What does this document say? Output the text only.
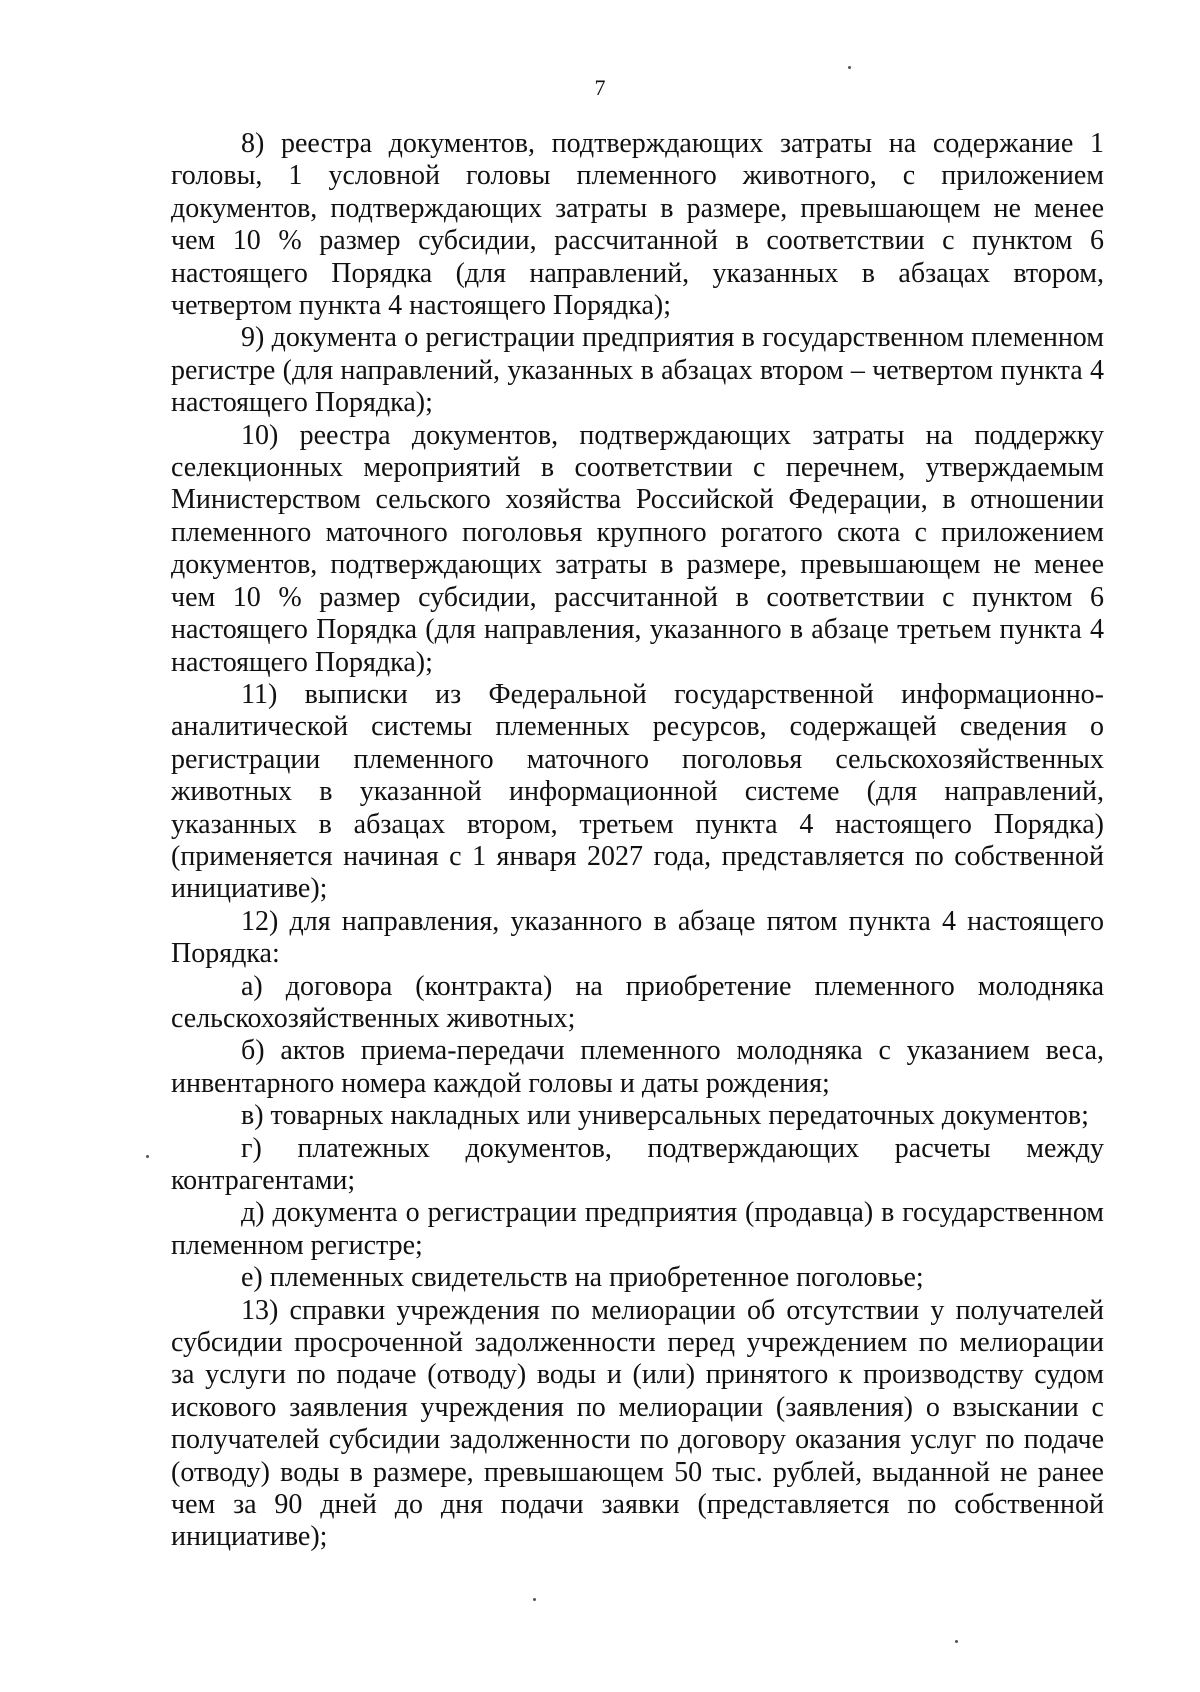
7

8) реестра документов, подтверждающих затраты на содержание 1 головы, 1 условной головы племенного животного, с приложением документов, подтверждающих затраты в размере, превышающем не менее чем 10 % размер субсидии, рассчитанной в соответствии с пунктом 6 настоящего Порядка (для направлений, указанных в абзацах втором, четвертом пункта 4 настоящего Порядка);

9) документа о регистрации предприятия в государственном племенном регистре (для направлений, указанных в абзацах втором – четвертом пункта 4 настоящего Порядка);

10) реестра документов, подтверждающих затраты на поддержку селекционных мероприятий в соответствии с перечнем, утверждаемым Министерством сельского хозяйства Российской Федерации, в отношении племенного маточного поголовья крупного рогатого скота с приложением документов, подтверждающих затраты в размере, превышающем не менее чем 10 % размер субсидии, рассчитанной в соответствии с пунктом 6 настоящего Порядка (для направления, указанного в абзаце третьем пункта 4 настоящего Порядка);

11) выписки из Федеральной государственной информационно-аналитической системы племенных ресурсов, содержащей сведения о регистрации племенного маточного поголовья сельскохозяйственных животных в указанной информационной системе (для направлений, указанных в абзацах втором, третьем пункта 4 настоящего Порядка) (применяется начиная с 1 января 2027 года, представляется по собственной инициативе);

12) для направления, указанного в абзаце пятом пункта 4 настоящего Порядка:

а) договора (контракта) на приобретение племенного молодняка сельскохозяйственных животных;

б) актов приема-передачи племенного молодняка с указанием веса, инвентарного номера каждой головы и даты рождения;

в) товарных накладных или универсальных передаточных документов;

г) платежных документов, подтверждающих расчеты между контрагентами;

д) документа о регистрации предприятия (продавца) в государственном племенном регистре;

е) племенных свидетельств на приобретенное поголовье;

13) справки учреждения по мелиорации об отсутствии у получателей субсидии просроченной задолженности перед учреждением по мелиорации за услуги по подаче (отводу) воды и (или) принятого к производству судом искового заявления учреждения по мелиорации (заявления) о взыскании с получателей субсидии задолженности по договору оказания услуг по подаче (отводу) воды в размере, превышающем 50 тыс. рублей, выданной не ранее чем за 90 дней до дня подачи заявки (представляется по собственной инициативе);
